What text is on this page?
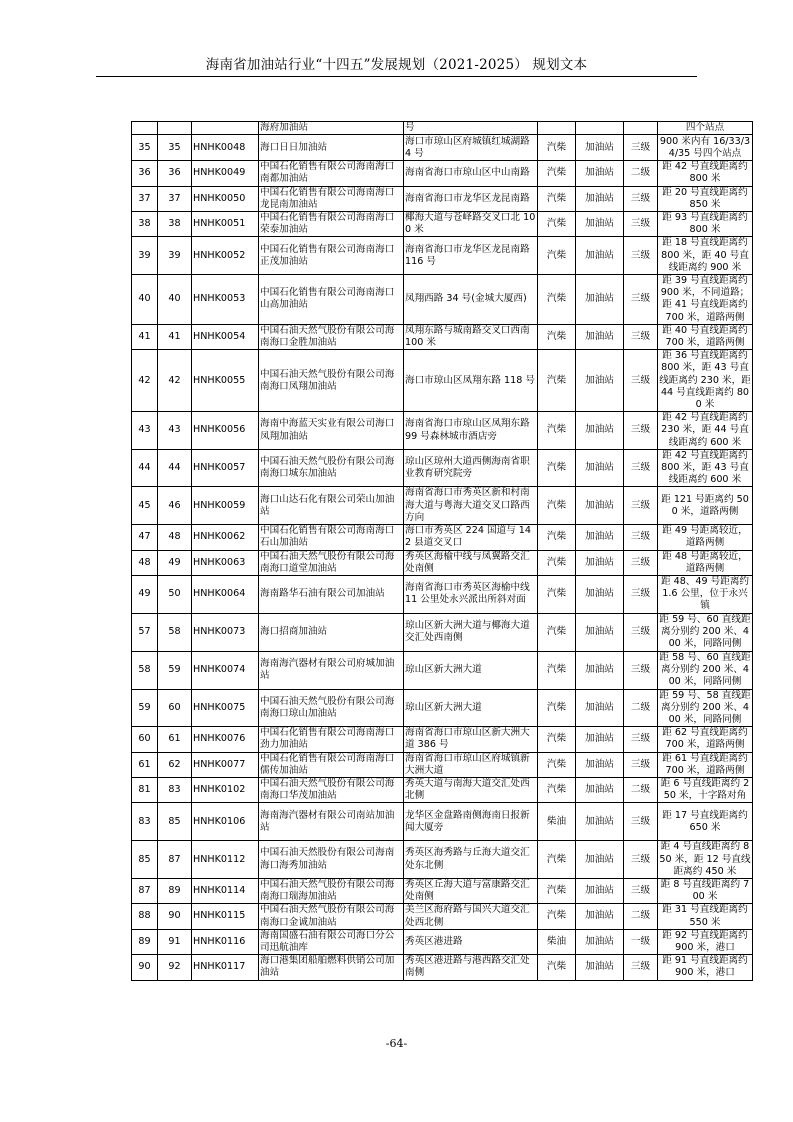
海南省加油站行业“十四五”发展规划（2021-2025） 规划文本
			海府加油站	号				四个站点
35	35	HNHK0048	海口日日加油站	海口市琼山区府城镇红城湖路 4 号	汽柴	加油站	三级	900 米内有 16/33/34/35 号四个站点
36	36	HNHK0049	中国石化销售有限公司海南海口南都加油站	海南省海口市琼山区中山南路	汽柴	加油站	二级	距 42 号直线距离约 800 米
37	37	HNHK0050	中国石化销售有限公司海南海口龙昆南加油站	海南省海口市龙华区龙昆南路	汽柴	加油站	三级	距 20 号直线距离约 850 米
38	38	HNHK0051	中国石化销售有限公司海南海口荣泰加油站	椰海大道与苍峄路交叉口北 100 米	汽柴	加油站	三级	距 93 号直线距离约 800 米
39	39	HNHK0052	中国石化销售有限公司海南海口正茂加油站	海南省海口市龙华区龙昆南路 116 号	汽柴	加油站	三级	距 18 号直线距离约 800 米，距 40 号直线距离约 900 米
40	40	HNHK0053	中国石化销售有限公司海南海口山高加油站	凤翔西路 34 号(金城大厦西)	汽柴	加油站	三级	距 39 号直线距离约 900 米，不同道路；距 41 号直线距离约 700 米，道路两侧
41	41	HNHK0054	中国石油天然气股份有限公司海南海口金胜加油站	凤翔东路与城南路交叉口西南 100 米	汽柴	加油站	三级	距 40 号直线距离约 700 米，道路两侧
42	42	HNHK0055	中国石油天然气股份有限公司海南海口凤翔加油站	海口市琼山区凤翔东路 118 号	汽柴	加油站	三级	距 36 号直线距离约 800 米，距 43 号直线距离约 230 米，距 44 号直线距离约 800 米
43	43	HNHK0056	海南中海蓝天实业有限公司海口凤翔加油站	海南省海口市琼山区凤翔东路 99 号森林城市酒店旁	汽柴	加油站	三级	距 42 号直线距离约 230 米，距 44 号直线距离约 600 米
44	44	HNHK0057	中国石油天然气股份有限公司海南海口城东加油站	琼山区琼州大道西侧海南省职业教育研究院旁	汽柴	加油站	三级	距 42 号直线距离约 800 米，距 43 号直线距离约 600 米
45	46	HNHK0059	海口山达石化有限公司荣山加油站	海南省海口市秀英区新和村南海大道与粤海大道交叉口路西方向	汽柴	加油站	三级	距 121 号距离约 500 米，道路两侧
47	48	HNHK0062	中国石化销售有限公司海南海口石山加油站	海口市秀英区 224 国道与 142 县道交叉口	汽柴	加油站	三级	距 49 号距离较近，道路两侧
48	49	HNHK0063	中国石油天然气股份有限公司海南海口道堂加油站	秀英区海榆中线与凤翼路交汇处南侧	汽柴	加油站	三级	距 48 号距离较近，道路两侧
49	50	HNHK0064	海南路华石油有限公司加油站	海南省海口市秀英区海榆中线 11 公里处永兴派出所斜对面	汽柴	加油站	三级	距 48、49 号距离约 1.6 公里，位于永兴镇
57	58	HNHK0073	海口招商加油站	琼山区新大洲大道与椰海大道交汇处西南侧	汽柴	加油站	三级	距 59 号、60 直线距离分别约 200 米、400 米，同路同侧
58	59	HNHK0074	海南海汽器材有限公司府城加油站	琼山区新大洲大道	汽柴	加油站	三级	距 58 号、60 直线距离分别约 200 米、400 米，同路同侧
59	60	HNHK0075	中国石油天然气股份有限公司海南海口琼山加油站	琼山区新大洲大道	汽柴	加油站	二级	距 59 号、58 直线距离分别约 200 米、400 米，同路同侧
60	61	HNHK0076	中国石化销售有限公司海南海口劲力加油站	海南省海口市琼山区新大洲大道 386 号	汽柴	加油站	三级	距 62 号直线距离约 700 米，道路两侧
61	62	HNHK0077	中国石化销售有限公司海南海口儒传加油站	海南省海口市琼山区府城镇新大洲大道	汽柴	加油站	三级	距 61 号直线距离约 700 米，道路两侧
81	83	HNHK0102	中国石油天然气股份有限公司海南海口华茂加油站	秀英大道与南海大道交汇处西北侧	汽柴	加油站	二级	距 6 号直线距离约 250 米，十字路对角
83	85	HNHK0106	海南海汽器材有限公司南站加油站	龙华区金盘路南侧海南日报新闻大厦旁	柴油	加油站	三级	距 17 号直线距离约 650 米
85	87	HNHK0112	中国石油天然股份有限公司海南海口海秀加油站	秀英区海秀路与丘海大道交汇处东北侧	汽柴	加油站	三级	距 4 号直线距离约 850 米，距 12 号直线距离约 450 米
87	89	HNHK0114	中国石油天然气股份有限公司海南海口瑞海加油站	秀英区丘海大道与富康路交汇处南侧	汽柴	加油站	三级	距 8 号直线距离约 700 米
88	90	HNHK0115	中国石油天然气股份有限公司海南海口金诚加油站	美兰区海府路与国兴大道交汇处西北侧	汽柴	加油站	二级	距 31 号直线距离约 550 米
89	91	HNHK0116	海南国盛石油有限公司海口分公司迅航油库	秀英区港进路	柴油	加油站	一级	距 92 号直线距离约 900 米，港口
90	92	HNHK0117	海口港集团船舶燃料供销公司加油站	秀英区港进路与港西路交汇处南侧	汽柴	加油站	三级	距 91 号直线距离约 900 米，港口
-64-
